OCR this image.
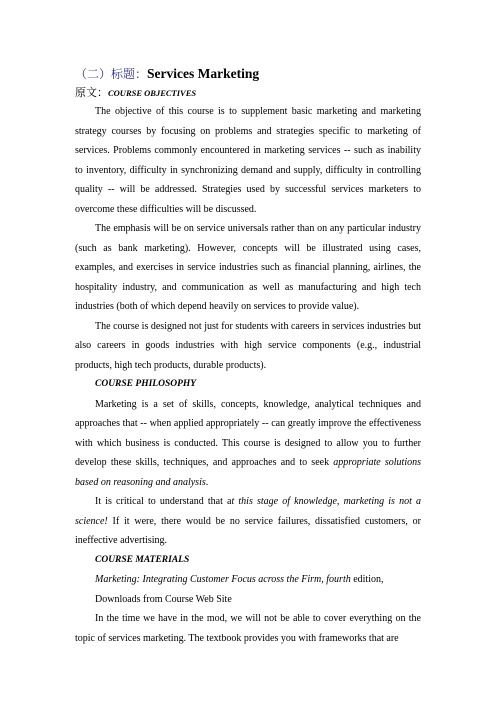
（二）标题：Services Marketing
原文：COURSE OBJECTIVES

The objective of this course is to supplement basic marketing and marketing strategy courses by focusing on problems and strategies specific to marketing of services. Problems commonly encountered in marketing services -- such as inability to inventory, difficulty in synchronizing demand and supply, difficulty in controlling quality -- will be addressed. Strategies used by successful services marketers to overcome these difficulties will be discussed.

The emphasis will be on service universals rather than on any particular industry (such as bank marketing). However, concepts will be illustrated using cases, examples, and exercises in service industries such as financial planning, airlines, the hospitality industry, and communication as well as manufacturing and high tech industries (both of which depend heavily on services to provide value).

The course is designed not just for students with careers in services industries but also careers in goods industries with high service components (e.g., industrial products, high tech products, durable products).

COURSE PHILOSOPHY

Marketing is a set of skills, concepts, knowledge, analytical techniques and approaches that -- when applied appropriately -- can greatly improve the effectiveness with which business is conducted. This course is designed to allow you to further develop these skills, techniques, and approaches and to seek appropriate solutions based on reasoning and analysis.

It is critical to understand that at this stage of knowledge, marketing is not a science! If it were, there would be no service failures, dissatisfied customers, or ineffective advertising.

COURSE MATERIALS
Marketing: Integrating Customer Focus across the Firm, fourth edition,
Downloads from Course Web Site

In the time we have in the mod, we will not be able to cover everything on the topic of services marketing. The textbook provides you with frameworks that are
